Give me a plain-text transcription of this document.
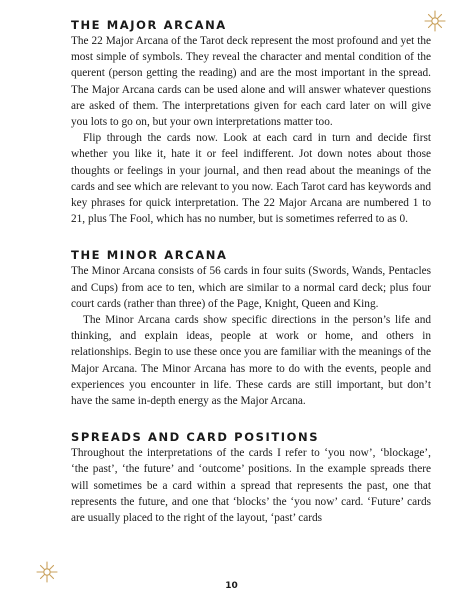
THE MAJOR ARCANA

The 22 Major Arcana of the Tarot deck represent the most profound and yet the most simple of symbols. They reveal the character and mental condition of the querent (person getting the reading) and are the most important in the spread. The Major Arcana cards can be used alone and will answer whatever questions are asked of them. The interpretations given for each card later on will give you lots to go on, but your own interpretations matter too.

Flip through the cards now. Look at each card in turn and decide first whether you like it, hate it or feel indifferent. Jot down notes about those thoughts or feelings in your journal, and then read about the meanings of the cards and see which are relevant to you now. Each Tarot card has keywords and key phrases for quick interpretation. The 22 Major Arcana are numbered 1 to 21, plus The Fool, which has no number, but is sometimes referred to as 0.

THE MINOR ARCANA

The Minor Arcana consists of 56 cards in four suits (Swords, Wands, Pentacles and Cups) from ace to ten, which are similar to a normal card deck; plus four court cards (rather than three) of the Page, Knight, Queen and King.

The Minor Arcana cards show specific directions in the person’s life and thinking, and explain ideas, people at work or home, and others in relationships. Begin to use these once you are familiar with the meanings of the Major Arcana. The Minor Arcana has more to do with the events, people and experiences you encounter in life. These cards are still important, but don’t have the same in-depth energy as the Major Arcana.

SPREADS AND CARD POSITIONS

Throughout the interpretations of the cards I refer to ‘you now’, ‘blockage’, ‘the past’, ‘the future’ and ‘outcome’ positions. In the example spreads there will sometimes be a card within a spread that represents the past, one that represents the future, and one that ‘blocks’ the ‘you now’ card. ‘Future’ cards are usually placed to the right of the layout, ‘past’ cards

10
